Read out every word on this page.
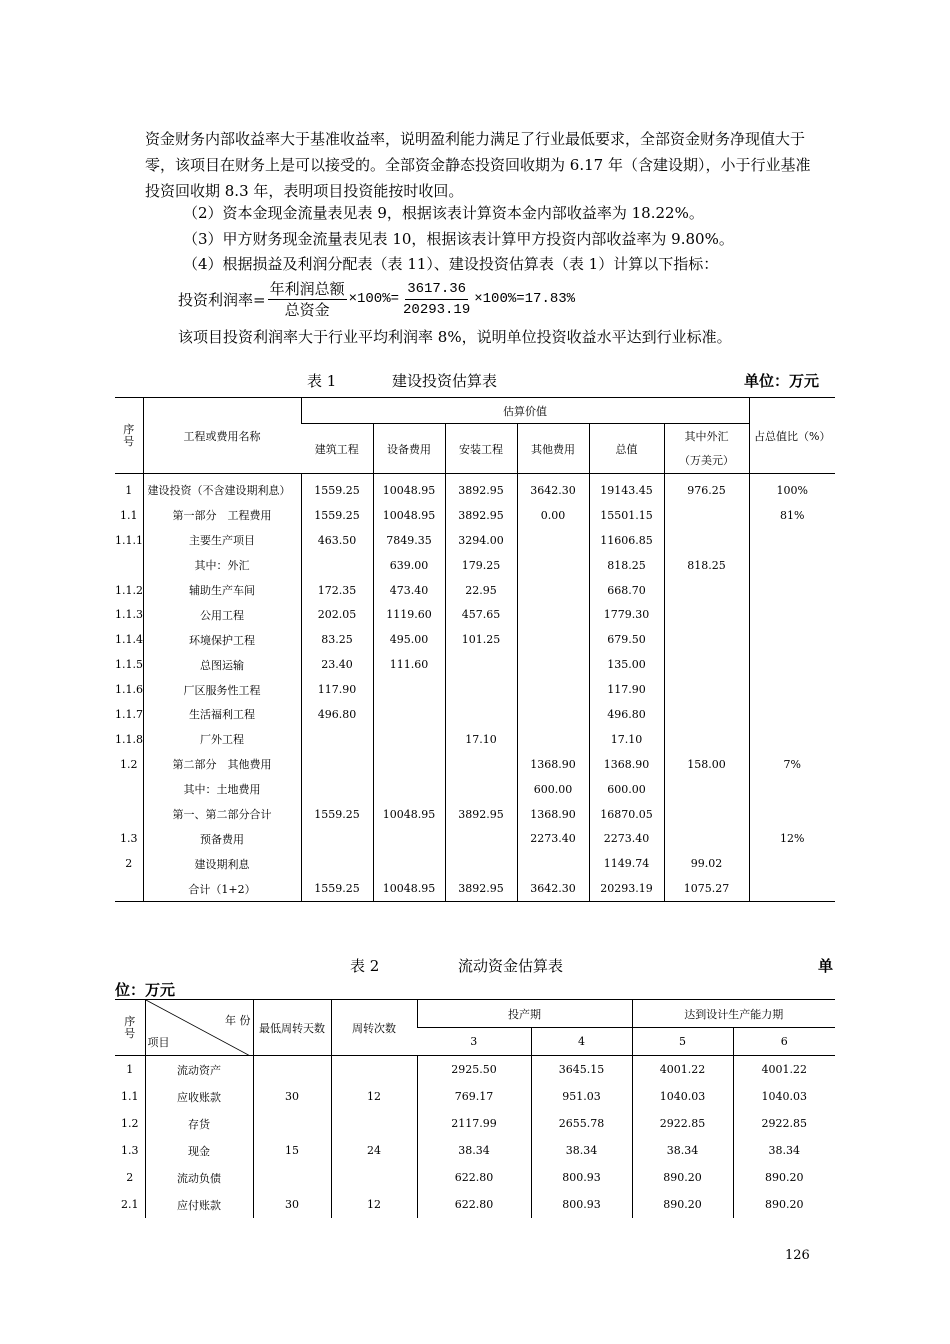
资金财务内部收益率大于基准收益率，说明盈利能力满足了行业最低要求，全部资金财务净现值大于零，该项目在财务上是可以接受的。全部资金静态投资回收期为 6.17 年（含建设期），小于行业基准投资回收期 8.3 年，表明项目投资能按时收回。
（2）资本金现金流量表见表 9，根据该表计算资本金内部收益率为 18.22%。
（3）甲方财务现金流量表见表 10，根据该表计算甲方投资内部收益率为 9.80%。
（4）根据损益及利润分配表（表 11）、建设投资估算表（表 1）计算以下指标：
投资利润率= $\frac{\text{年利润总额}}{\text{总资金}} \times 100\%= \frac{3617.36}{20293.19} \times 100\%=17.83\%$
该项目投资利润率大于行业平均利润率 8%，说明单位投资收益水平达到行业标准。
表 1	建设投资估算表	单位：万元
序号	工程或费用名称	估算价值						占总值比（%）
		建筑工程	设备费用	安装工程	其他费用	总值	其中外汇
（万美元）	

1	建设投资（不含建设期利息）	1559.25	10048.95	3892.95	3642.30	19143.45	976.25	100%
1.1	第一部分　工程费用	1559.25	10048.95	3892.95	0.00	15501.15		81%
1.1.1	主要生产项目	463.50	7849.35	3294.00		11606.85		
	其中：外汇		639.00	179.25		818.25	818.25	
1.1.2	辅助生产车间	172.35	473.40	22.95		668.70		
1.1.3	公用工程	202.05	1119.60	457.65		1779.30		
1.1.4	环境保护工程	83.25	495.00	101.25		679.50		
1.1.5	总图运输	23.40	111.60			135.00		
1.1.6	厂区服务性工程	117.90				117.90		
1.1.7	生活福利工程	496.80				496.80		
1.1.8	厂外工程			17.10		17.10		
1.2	第二部分　其他费用				1368.90	1368.90	158.00	7%
	其中：土地费用				600.00	600.00		
	第一、第二部分合计	1559.25	10048.95	3892.95	1368.90	16870.05		
1.3	预备费用				2273.40	2273.40		12%
2	建设期利息					1149.74	99.02	
	合计（1+2）	1559.25	10048.95	3892.95	3642.30	20293.19	1075.27	
表 2	流动资金估算表	单
位：万元
序号	年 份
项目	最低周转天数	周转次数	投产期		达到设计生产能力期	
				3	4	5	6
1	流动资产			2925.50	3645.15	4001.22	4001.22
1.1	应收账款	30	12	769.17	951.03	1040.03	1040.03
1.2	存货			2117.99	2655.78	2922.85	2922.85
1.3	现金	15	24	38.34	38.34	38.34	38.34
2	流动负债			622.80	800.93	890.20	890.20
2.1	应付账款	30	12	622.80	800.93	890.20	890.20
126
